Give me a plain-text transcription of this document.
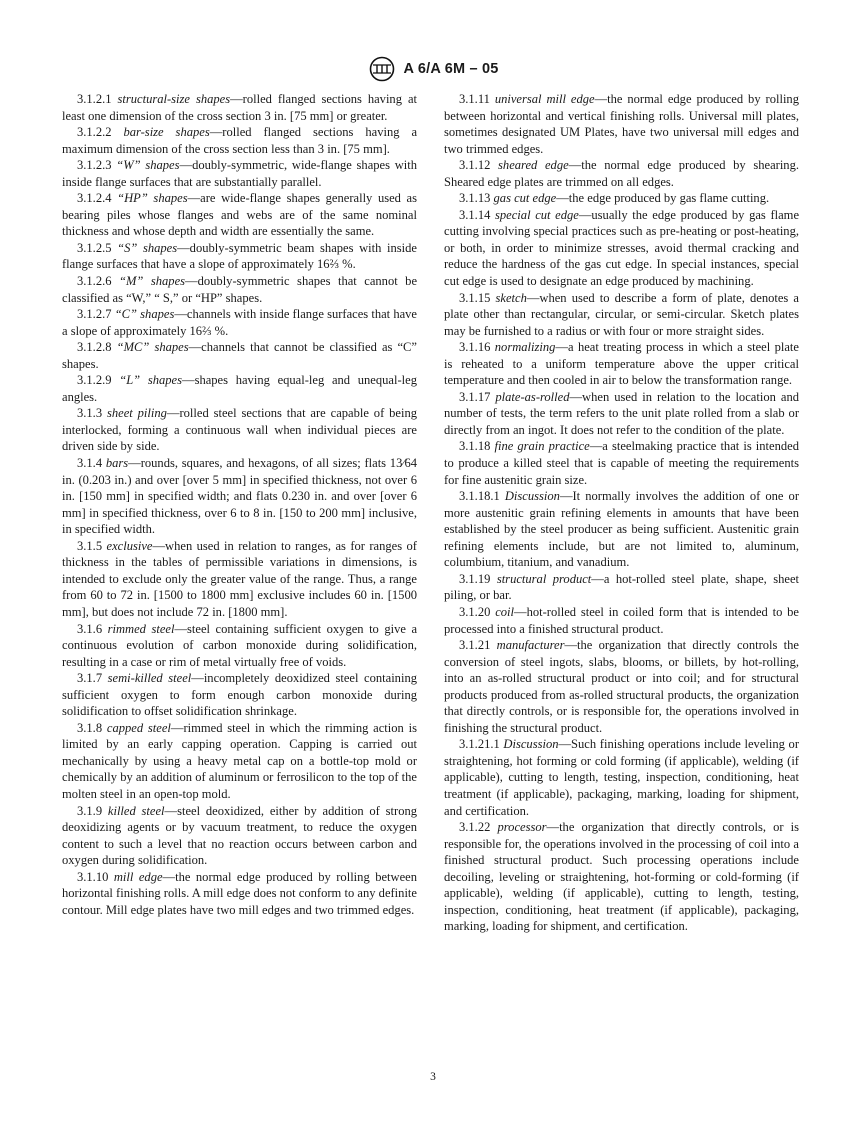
A 6/A 6M – 05

3.1.2.1 structural-size shapes—rolled flanged sections having at least one dimension of the cross section 3 in. [75 mm] or greater.

3.1.2.2 bar-size shapes—rolled flanged sections having a maximum dimension of the cross section less than 3 in. [75 mm].

3.1.2.3 “W” shapes—doubly-symmetric, wide-flange shapes with inside flange surfaces that are substantially parallel.

3.1.2.4 “HP” shapes—are wide-flange shapes generally used as bearing piles whose flanges and webs are of the same nominal thickness and whose depth and width are essentially the same.

3.1.2.5 “S” shapes—doubly-symmetric beam shapes with inside flange surfaces that have a slope of approximately 16⅔ %.

3.1.2.6 “M” shapes—doubly-symmetric shapes that cannot be classified as “W,” “ S,” or “HP” shapes.

3.1.2.7 “C” shapes—channels with inside flange surfaces that have a slope of approximately 16⅔ %.

3.1.2.8 “MC” shapes—channels that cannot be classified as “C” shapes.

3.1.2.9 “L” shapes—shapes having equal-leg and unequal-leg angles.

3.1.3 sheet piling—rolled steel sections that are capable of being interlocked, forming a continuous wall when individual pieces are driven side by side.

3.1.4 bars—rounds, squares, and hexagons, of all sizes; flats 13⁄64 in. (0.203 in.) and over [over 5 mm] in specified thickness, not over 6 in. [150 mm] in specified width; and flats 0.230 in. and over [over 6 mm] in specified thickness, over 6 to 8 in. [150 to 200 mm] inclusive, in specified width.

3.1.5 exclusive—when used in relation to ranges, as for ranges of thickness in the tables of permissible variations in dimensions, is intended to exclude only the greater value of the range. Thus, a range from 60 to 72 in. [1500 to 1800 mm] exclusive includes 60 in. [1500 mm], but does not include 72 in. [1800 mm].

3.1.6 rimmed steel—steel containing sufficient oxygen to give a continuous evolution of carbon monoxide during solidification, resulting in a case or rim of metal virtually free of voids.

3.1.7 semi-killed steel—incompletely deoxidized steel containing sufficient oxygen to form enough carbon monoxide during solidification to offset solidification shrinkage.

3.1.8 capped steel—rimmed steel in which the rimming action is limited by an early capping operation. Capping is carried out mechanically by using a heavy metal cap on a bottle-top mold or chemically by an addition of aluminum or ferrosilicon to the top of the molten steel in an open-top mold.

3.1.9 killed steel—steel deoxidized, either by addition of strong deoxidizing agents or by vacuum treatment, to reduce the oxygen content to such a level that no reaction occurs between carbon and oxygen during solidification.

3.1.10 mill edge—the normal edge produced by rolling between horizontal finishing rolls. A mill edge does not conform to any definite contour. Mill edge plates have two mill edges and two trimmed edges.

3.1.11 universal mill edge—the normal edge produced by rolling between horizontal and vertical finishing rolls. Universal mill plates, sometimes designated UM Plates, have two universal mill edges and two trimmed edges.

3.1.12 sheared edge—the normal edge produced by shearing. Sheared edge plates are trimmed on all edges.

3.1.13 gas cut edge—the edge produced by gas flame cutting.

3.1.14 special cut edge—usually the edge produced by gas flame cutting involving special practices such as pre-heating or post-heating, or both, in order to minimize stresses, avoid thermal cracking and reduce the hardness of the gas cut edge. In special instances, special cut edge is used to designate an edge produced by machining.

3.1.15 sketch—when used to describe a form of plate, denotes a plate other than rectangular, circular, or semi-circular. Sketch plates may be furnished to a radius or with four or more straight sides.

3.1.16 normalizing—a heat treating process in which a steel plate is reheated to a uniform temperature above the upper critical temperature and then cooled in air to below the transformation range.

3.1.17 plate-as-rolled—when used in relation to the location and number of tests, the term refers to the unit plate rolled from a slab or directly from an ingot. It does not refer to the condition of the plate.

3.1.18 fine grain practice—a steelmaking practice that is intended to produce a killed steel that is capable of meeting the requirements for fine austenitic grain size.

3.1.18.1 Discussion—It normally involves the addition of one or more austenitic grain refining elements in amounts that have been established by the steel producer as being sufficient. Austenitic grain refining elements include, but are not limited to, aluminum, columbium, titanium, and vanadium.

3.1.19 structural product—a hot-rolled steel plate, shape, sheet piling, or bar.

3.1.20 coil—hot-rolled steel in coiled form that is intended to be processed into a finished structural product.

3.1.21 manufacturer—the organization that directly controls the conversion of steel ingots, slabs, blooms, or billets, by hot-rolling, into an as-rolled structural product or into coil; and for structural products produced from as-rolled structural products, the organization that directly controls, or is responsible for, the operations involved in finishing the structural product.

3.1.21.1 Discussion—Such finishing operations include leveling or straightening, hot forming or cold forming (if applicable), welding (if applicable), cutting to length, testing, inspection, conditioning, heat treatment (if applicable), packaging, marking, loading for shipment, and certification.

3.1.22 processor—the organization that directly controls, or is responsible for, the operations involved in the processing of coil into a finished structural product. Such processing operations include decoiling, leveling or straightening, hot-forming or cold-forming (if applicable), welding (if applicable), cutting to length, testing, inspection, conditioning, heat treatment (if applicable), packaging, marking, loading for shipment, and certification.

3
